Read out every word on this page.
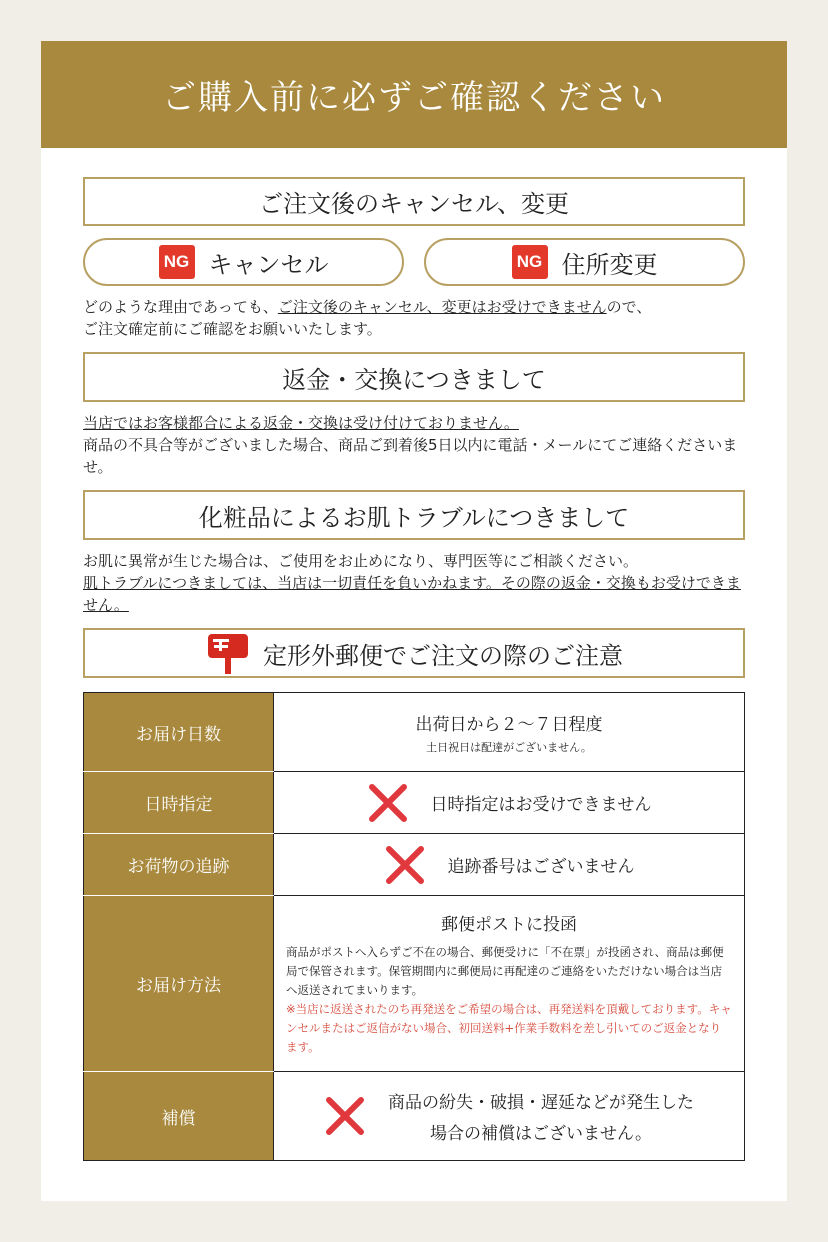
ご購入前に必ずご確認ください
ご注文後のキャンセル、変更
NG キャンセル	NG 住所変更
どのような理由であっても、ご注文後のキャンセル、変更はお受けできませんので、
ご注文確定前にご確認をお願いいたします。
返金・交換につきまして
当店ではお客様都合による返金・交換は受け付けておりません。
商品の不具合等がございました場合、商品ご到着後5日以内に電話・メールにてご連絡くださいませ。
化粧品によるお肌トラブルにつきまして
お肌に異常が生じた場合は、ご使用をお止めになり、専門医等にご相談ください。
肌トラブルにつきましては、当店は一切責任を負いかねます。その際の返金・交換もお受けできません。
定形外郵便でご注文の際のご注意
お届け日数	出荷日から２〜７日程度
土日祝日は配達がございません。

日時指定	日時指定はお受けできません

お荷物の追跡	追跡番号はございません

お届け方法	郵便ポストに投函
商品がポストへ入らずご不在の場合、郵便受けに「不在票」が投函され、商品は郵便局で保管されます。保管期間内に郵便局に再配達のご連絡をいただけない場合は当店へ返送されてまいります。
※当店に返送されたのち再発送をご希望の場合は、再発送料を頂戴しております。キャンセルまたはご返信がない場合、初回送料+作業手数料を差し引いてのご返金となります。

補償	商品の紛失・破損・遅延などが発生した
場合の補償はございません。
